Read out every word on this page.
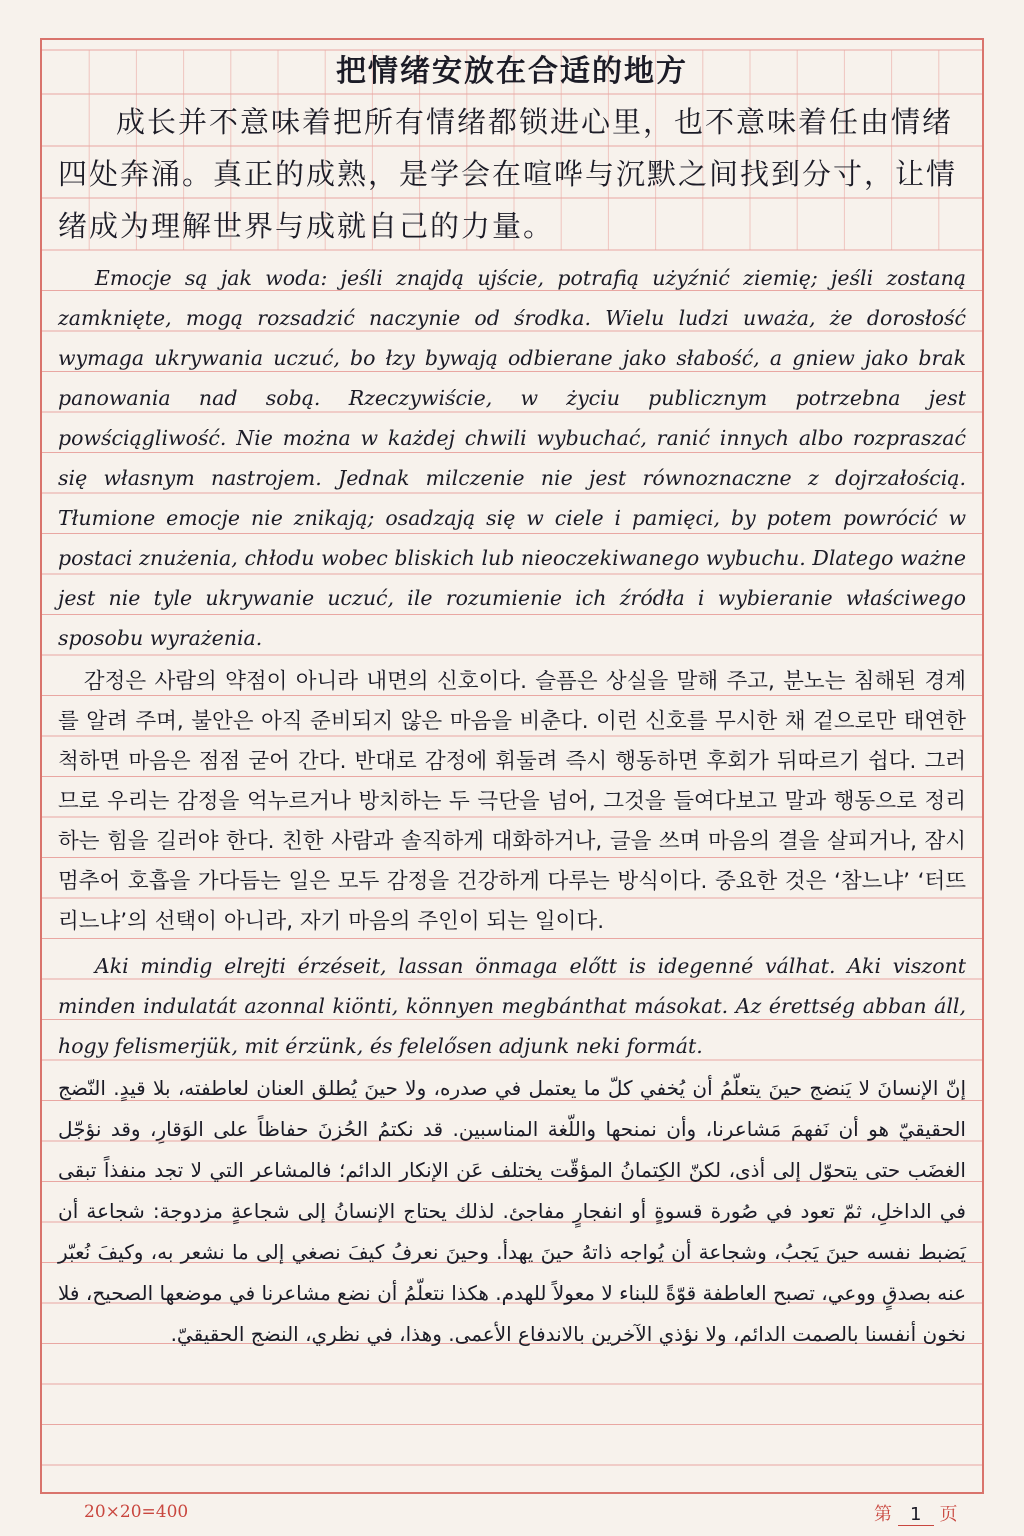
把情绪安放在合适的地方

成长并不意味着把所有情绪都锁进心里，也不意味着任由情绪四处奔涌。真正的成熟，是学会在喧哗与沉默之间找到分寸，让情绪成为理解世界与成就自己的力量。

Emocje są jak woda: jeśli znajdą ujście, potrafią użyźnić ziemię; jeśli zostaną zamknięte, mogą rozsadzić naczynie od środka. Wielu ludzi uważa, że dorosłość wymaga ukrywania uczuć, bo łzy bywają odbierane jako słabość, a gniew jako brak panowania nad sobą. Rzeczywiście, w życiu publicznym potrzebna jest powściągliwość. Nie można w każdej chwili wybuchać, ranić innych albo rozpraszać się własnym nastrojem. Jednak milczenie nie jest równoznaczne z dojrzałością. Tłumione emocje nie znikają; osadzają się w ciele i pamięci, by potem powrócić w postaci znużenia, chłodu wobec bliskich lub nieoczekiwanego wybuchu. Dlatego ważne jest nie tyle ukrywanie uczuć, ile rozumienie ich źródła i wybieranie właściwego sposobu wyrażenia.

감정은 사람의 약점이 아니라 내면의 신호이다. 슬픔은 상실을 말해 주고, 분노는 침해된 경계를 알려 주며, 불안은 아직 준비되지 않은 마음을 비춘다. 이런 신호를 무시한 채 겉으로만 태연한 척하면 마음은 점점 굳어 간다. 반대로 감정에 휘둘려 즉시 행동하면 후회가 뒤따르기 쉽다. 그러므로 우리는 감정을 억누르거나 방치하는 두 극단을 넘어, 그것을 들여다보고 말과 행동으로 정리하는 힘을 길러야 한다. 친한 사람과 솔직하게 대화하거나, 글을 쓰며 마음의 결을 살피거나, 잠시 멈추어 호흡을 가다듬는 일은 모두 감정을 건강하게 다루는 방식이다. 중요한 것은 ‘참느냐’ ‘터뜨리느냐’의 선택이 아니라, 자기 마음의 주인이 되는 일이다.

Aki mindig elrejti érzéseit, lassan önmaga előtt is idegenné válhat. Aki viszont minden indulatát azonnal kiönti, könnyen megbánthat másokat. Az érettség abban áll, hogy felismerjük, mit érzünk, és felelősen adjunk neki formát.

إنّ الإنسانَ لا يَنضج حينَ يتعلّمُ أن يُخفي كلّ ما يعتمل في صدره، ولا حينَ يُطلق العنان لعاطفته، بلا قيدٍ. النّضج الحقيقيّ هو أن نَفهمَ مَشاعرنا، وأن نمنحها واللّغة المناسبين. قد نكتمُ الحُزنَ حفاظاً على الوَقارِ، وقد نؤجّل الغضَب حتى يتحوّل إلى أذى، لكنّ الكِتمانُ المؤقّت يختلف عَن الإنكار الدائم؛ فالمشاعر التي لا تجد منفذاً تبقى في الداخلِ، ثمّ تعود في صُورة قسوةٍ أو انفجارٍ مفاجئ. لذلك يحتاج الإنسانُ إلى شجاعةٍ مزدوجة: شجاعة أن يَضبط نفسه حينَ يَجبُ، وشجاعة أن يُواجه ذاتهُ حينَ يهدأ. وحينَ نعرفُ كيفَ نصغي إلى ما نشعر به، وكيفَ نُعبّر عنه بصدقٍ ووعي، تصبح العاطفة قوّةً للبناء لا معولاً للهدم. هكذا نتعلّمُ أن نضع مشاعرنا في موضعها الصحيح، فلا نخون أنفسنا بالصمت الدائم، ولا نؤذي الآخرين بالاندفاع الأعمى. وهذا، في نظري، النضج الحقيقيّ.

20×20=400	第 1 页
